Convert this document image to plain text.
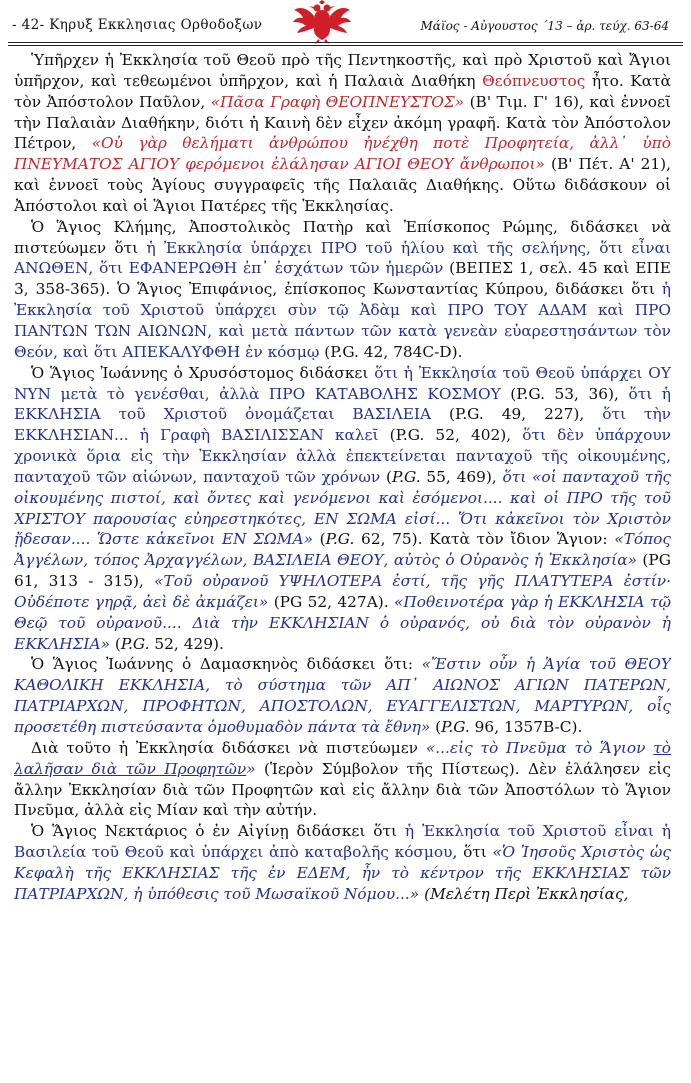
- 42- Κηρυξ Εκκλησιας Ορθοδοξων	Μάϊος - Αὐγουστος ΄13 – ἀρ. τεύχ. 63-64

Ὑπῆρχεν ἡ Ἐκκλησία τοῦ Θεοῦ πρὸ τῆς Πεντηκοστῆς, καὶ πρὸ Χριστοῦ καὶ Ἄγιοι ὑπῆρχον, καὶ τεθεωμένοι ὑπῆρχον, καὶ ἡ Παλαιὰ Διαθήκη Θεόπνευστος ἦτο. Κατὰ τὸν Ἀπόστολον Παῦλον, «Πᾶσα Γραφὴ ΘΕΟΠΝΕΥΣΤΟΣ» (Β' Τιμ. Γ' 16), καὶ ἐννοεῖ τὴν Παλαιὰν Διαθήκην, διότι ἡ Καινὴ δὲν εἶχεν ἀκόμη γραφῆ. Κατὰ τὸν Ἀπόστολον Πέτρον, «Οὐ γὰρ θελήματι ἀνθρώπου ἠνέχθη ποτὲ Προφητεία, ἀλλ᾽ ὑπὸ ΠΝΕΥΜΑΤΟΣ ΑΓΙΟΥ φερόμενοι ἐλάλησαν ΑΓΙΟΙ ΘΕΟΥ ἄνθρωποι» (Β' Πέτ. Α' 21), καὶ ἐννοεῖ τοὺς Ἁγίους συγγραφεῖς τῆς Παλαιᾶς Διαθήκης. Οὕτω διδάσκουν οἱ Ἀπόστολοι καὶ οἱ Ἅγιοι Πατέρες τῆς Ἐκκλησίας.

Ὁ Ἅγιος Κλήμης, Ἀποστολικὸς Πατὴρ καὶ Ἐπίσκοπος Ρώμης, διδάσκει νὰ πιστεύωμεν ὅτι ἡ Ἐκκλησία ὑπάρχει ΠΡΟ τοῦ ἡλίου καὶ τῆς σελήνης, ὅτι εἶναι ΑΝΩΘΕΝ, ὅτι ΕΦΑΝΕΡΩΘΗ ἐπ᾽ ἐσχάτων τῶν ἡμερῶν (ΒΕΠΕΣ 1, σελ. 45 καὶ ΕΠΕ 3, 358-365). Ὁ Ἅγιος Ἐπιφάνιος, ἐπίσκοπος Κωνσταντίας Κύπρου, διδάσκει ὅτι ἡ Ἐκκλησία τοῦ Χριστοῦ ὑπάρχει σὺν τῷ Ἀδὰμ καὶ ΠΡΟ ΤΟΥ ΑΔΑΜ καὶ ΠΡΟ ΠΑΝΤΩΝ ΤΩΝ ΑΙΩΝΩΝ, καὶ μετὰ πάντων τῶν κατὰ γενεὰν εὐαρεστησάντων τὸν Θεόν, καὶ ὅτι ΑΠΕΚΑΛΥΦΘΗ ἐν κόσμῳ (P.G. 42, 784C-D).

Ὁ Ἅγιος Ἰωάννης ὁ Χρυσόστομος διδάσκει ὅτι ἡ Ἐκκλησία τοῦ Θεοῦ ὑπάρχει ΟΥ ΝΥΝ μετὰ τὸ γενέσθαι, ἀλλὰ ΠΡΟ ΚΑΤΑΒΟΛΗΣ ΚΟΣΜΟΥ (P.G. 53, 36), ὅτι ἡ ΕΚΚΛΗΣΙΑ τοῦ Χριστοῦ ὀνομάζεται ΒΑΣΙΛΕΙΑ (P.G. 49, 227), ὅτι τὴν ΕΚΚΛΗΣΙΑΝ... ἡ Γραφὴ ΒΑΣΙΛΙΣΣΑΝ καλεῖ (P.G. 52, 402), ὅτι δὲν ὑπάρχουν χρονικὰ ὅρια εἰς τὴν Ἐκκλησίαν ἀλλὰ ἐπεκτείνεται πανταχοῦ τῆς οἰκουμένης, πανταχοῦ τῶν αἰώνων, πανταχοῦ τῶν χρόνων (P.G. 55, 469), ὅτι «οἱ πανταχοῦ τῆς οἰκουμένης πιστοί, καὶ ὄντες καὶ γενόμενοι καὶ ἐσόμενοι.... καὶ οἱ ΠΡΟ τῆς τοῦ ΧΡΙΣΤΟΥ παρουσίας εὐηρεστηκότες, ΕΝ ΣΩΜΑ εἰσί... Ὅτι κἀκεῖνοι τὸν Χριστὸν ᾔδεσαν.... Ὥστε κἀκεῖνοι ΕΝ ΣΩΜΑ» (P.G. 62, 75). Κατὰ τὸν ἴδιον Ἅγιον: «Τόπος Ἀγγέλων, τόπος Ἀρχαγγέλων, ΒΑΣΙΛΕΙΑ ΘΕΟΥ, αὐτὸς ὁ Οὐρανὸς ἡ Ἐκκλησία» (PG 61, 313 - 315), «Τοῦ οὐρανοῦ ΥΨΗΛΟΤΕΡΑ ἐστί, τῆς γῆς ΠΛΑΤΥΤΕΡΑ ἐστίν· Οὐδέποτε γηρᾷ, ἀεὶ δὲ ἀκμάζει» (PG 52, 427A). «Ποθεινοτέρα γὰρ ἡ ΕΚΚΛΗΣΙΑ τῷ Θεῷ τοῦ οὐρανοῦ.... Διὰ τὴν ΕΚΚΛΗΣΙΑΝ ὁ οὐρανός, οὐ διὰ τὸν οὐρανὸν ἡ ΕΚΚΛΗΣΙΑ» (P.G. 52, 429).

Ὁ Ἅγιος Ἰωάννης ὁ Δαμασκηνὸς διδάσκει ὅτι: «Ἔστιν οὖν ἡ Ἁγία τοῦ ΘΕΟΥ ΚΑΘΟΛΙΚΗ ΕΚΚΛΗΣΙΑ, τὸ σύστημα τῶν ΑΠ᾽ ΑΙΩΝΟΣ ΑΓΙΩΝ ΠΑΤΕΡΩΝ, ΠΑΤΡΙΑΡΧΩΝ, ΠΡΟΦΗΤΩΝ, ΑΠΟΣΤΟΛΩΝ, ΕΥΑΓΓΕΛΙΣΤΩΝ, ΜΑΡΤΥΡΩΝ, οἷς προσετέθη πιστεύσαντα ὁμοθυμαδὸν πάντα τὰ ἔθνη» (P.G. 96, 1357B-C).

Διὰ τοῦτο ἡ Ἐκκλησία διδάσκει νὰ πιστεύωμεν «...εἰς τὸ Πνεῦμα τὸ Ἅγιον τὸ λαλῆσαν διὰ τῶν Προφητῶν» (Ἱερὸν Σύμβολον τῆς Πίστεως). Δὲν ἐλάλησεν εἰς ἄλλην Ἐκκλησίαν διὰ τῶν Προφητῶν καὶ εἰς ἄλλην διὰ τῶν Ἀποστόλων τὸ Ἅγιον Πνεῦμα, ἀλλὰ εἰς Μίαν καὶ τὴν αὐτήν.

Ὁ Ἅγιος Νεκτάριος ὁ ἐν Αἰγίνῃ διδάσκει ὅτι ἡ Ἐκκλησία τοῦ Χριστοῦ εἶναι ἡ Βασιλεία τοῦ Θεοῦ καὶ ὑπάρχει ἀπὸ καταβολῆς κόσμου, ὅτι «Ὁ Ἰησοῦς Χριστὸς ὡς Κεφαλὴ τῆς ΕΚΚΛΗΣΙΑΣ τῆς ἐν ΕΔΕΜ, ἦν τὸ κέντρον τῆς ΕΚΚΛΗΣΙΑΣ τῶν ΠΑΤΡΙΑΡΧΩΝ, ἡ ὑπόθεσις τοῦ Μωσαϊκοῦ Νόμου...» (Μελέτη Περὶ Ἐκκλησίας,
